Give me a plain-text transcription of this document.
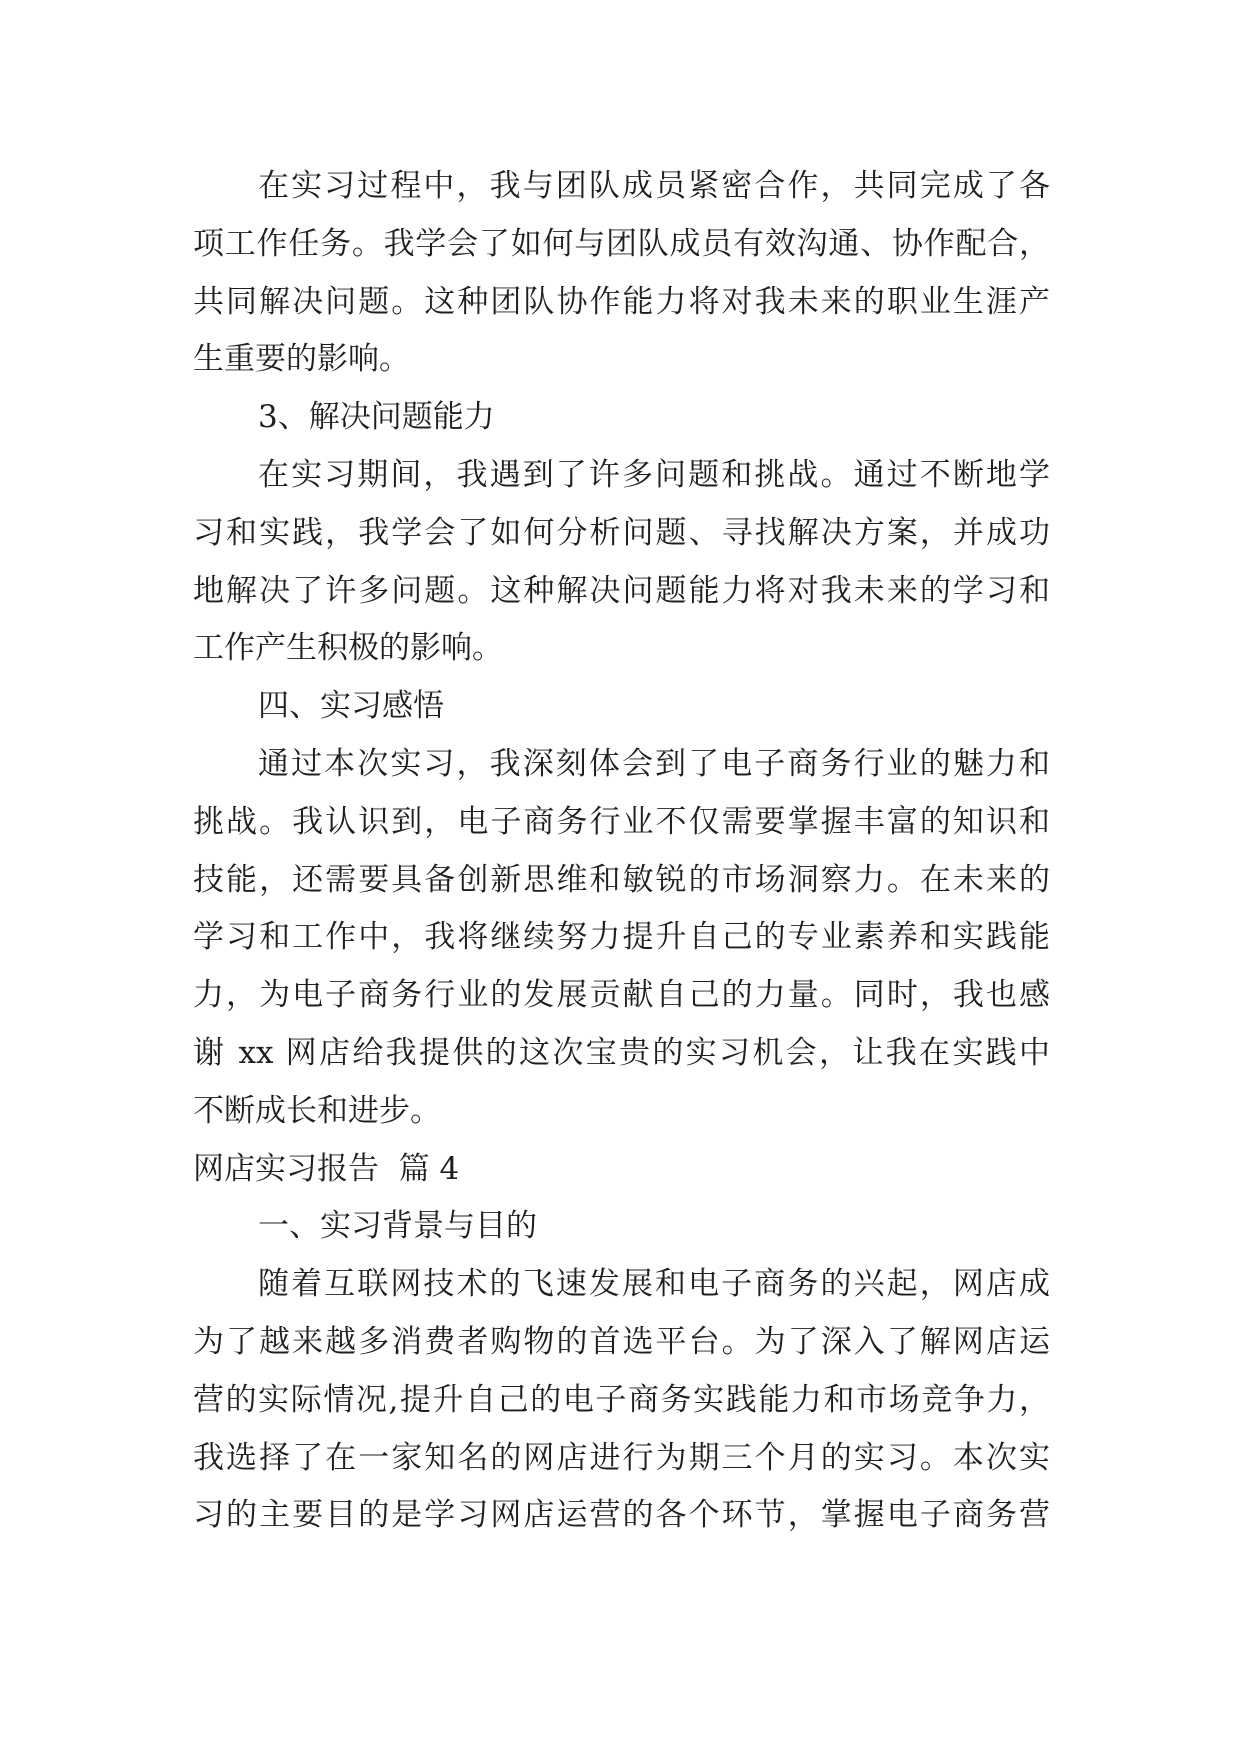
在实习过程中，我与团队成员紧密合作，共同完成了各
项工作任务。我学会了如何与团队成员有效沟通、协作配合，
共同解决问题。这种团队协作能力将对我未来的职业生涯产
生重要的影响。
3、解决问题能力
在实习期间，我遇到了许多问题和挑战。通过不断地学
习和实践，我学会了如何分析问题、寻找解决方案，并成功
地解决了许多问题。这种解决问题能力将对我未来的学习和
工作产生积极的影响。
四、实习感悟
通过本次实习，我深刻体会到了电子商务行业的魅力和
挑战。我认识到，电子商务行业不仅需要掌握丰富的知识和
技能，还需要具备创新思维和敏锐的市场洞察力。在未来的
学习和工作中，我将继续努力提升自己的专业素养和实践能
力，为电子商务行业的发展贡献自己的力量。同时，我也感
谢 xx 网店给我提供的这次宝贵的实习机会，让我在实践中
不断成长和进步。
网店实习报告  篇 4
一、实习背景与目的
随着互联网技术的飞速发展和电子商务的兴起，网店成
为了越来越多消费者购物的首选平台。为了深入了解网店运
营的实际情况,提升自己的电子商务实践能力和市场竞争力，
我选择了在一家知名的网店进行为期三个月的实习。本次实
习的主要目的是学习网店运营的各个环节，掌握电子商务营
